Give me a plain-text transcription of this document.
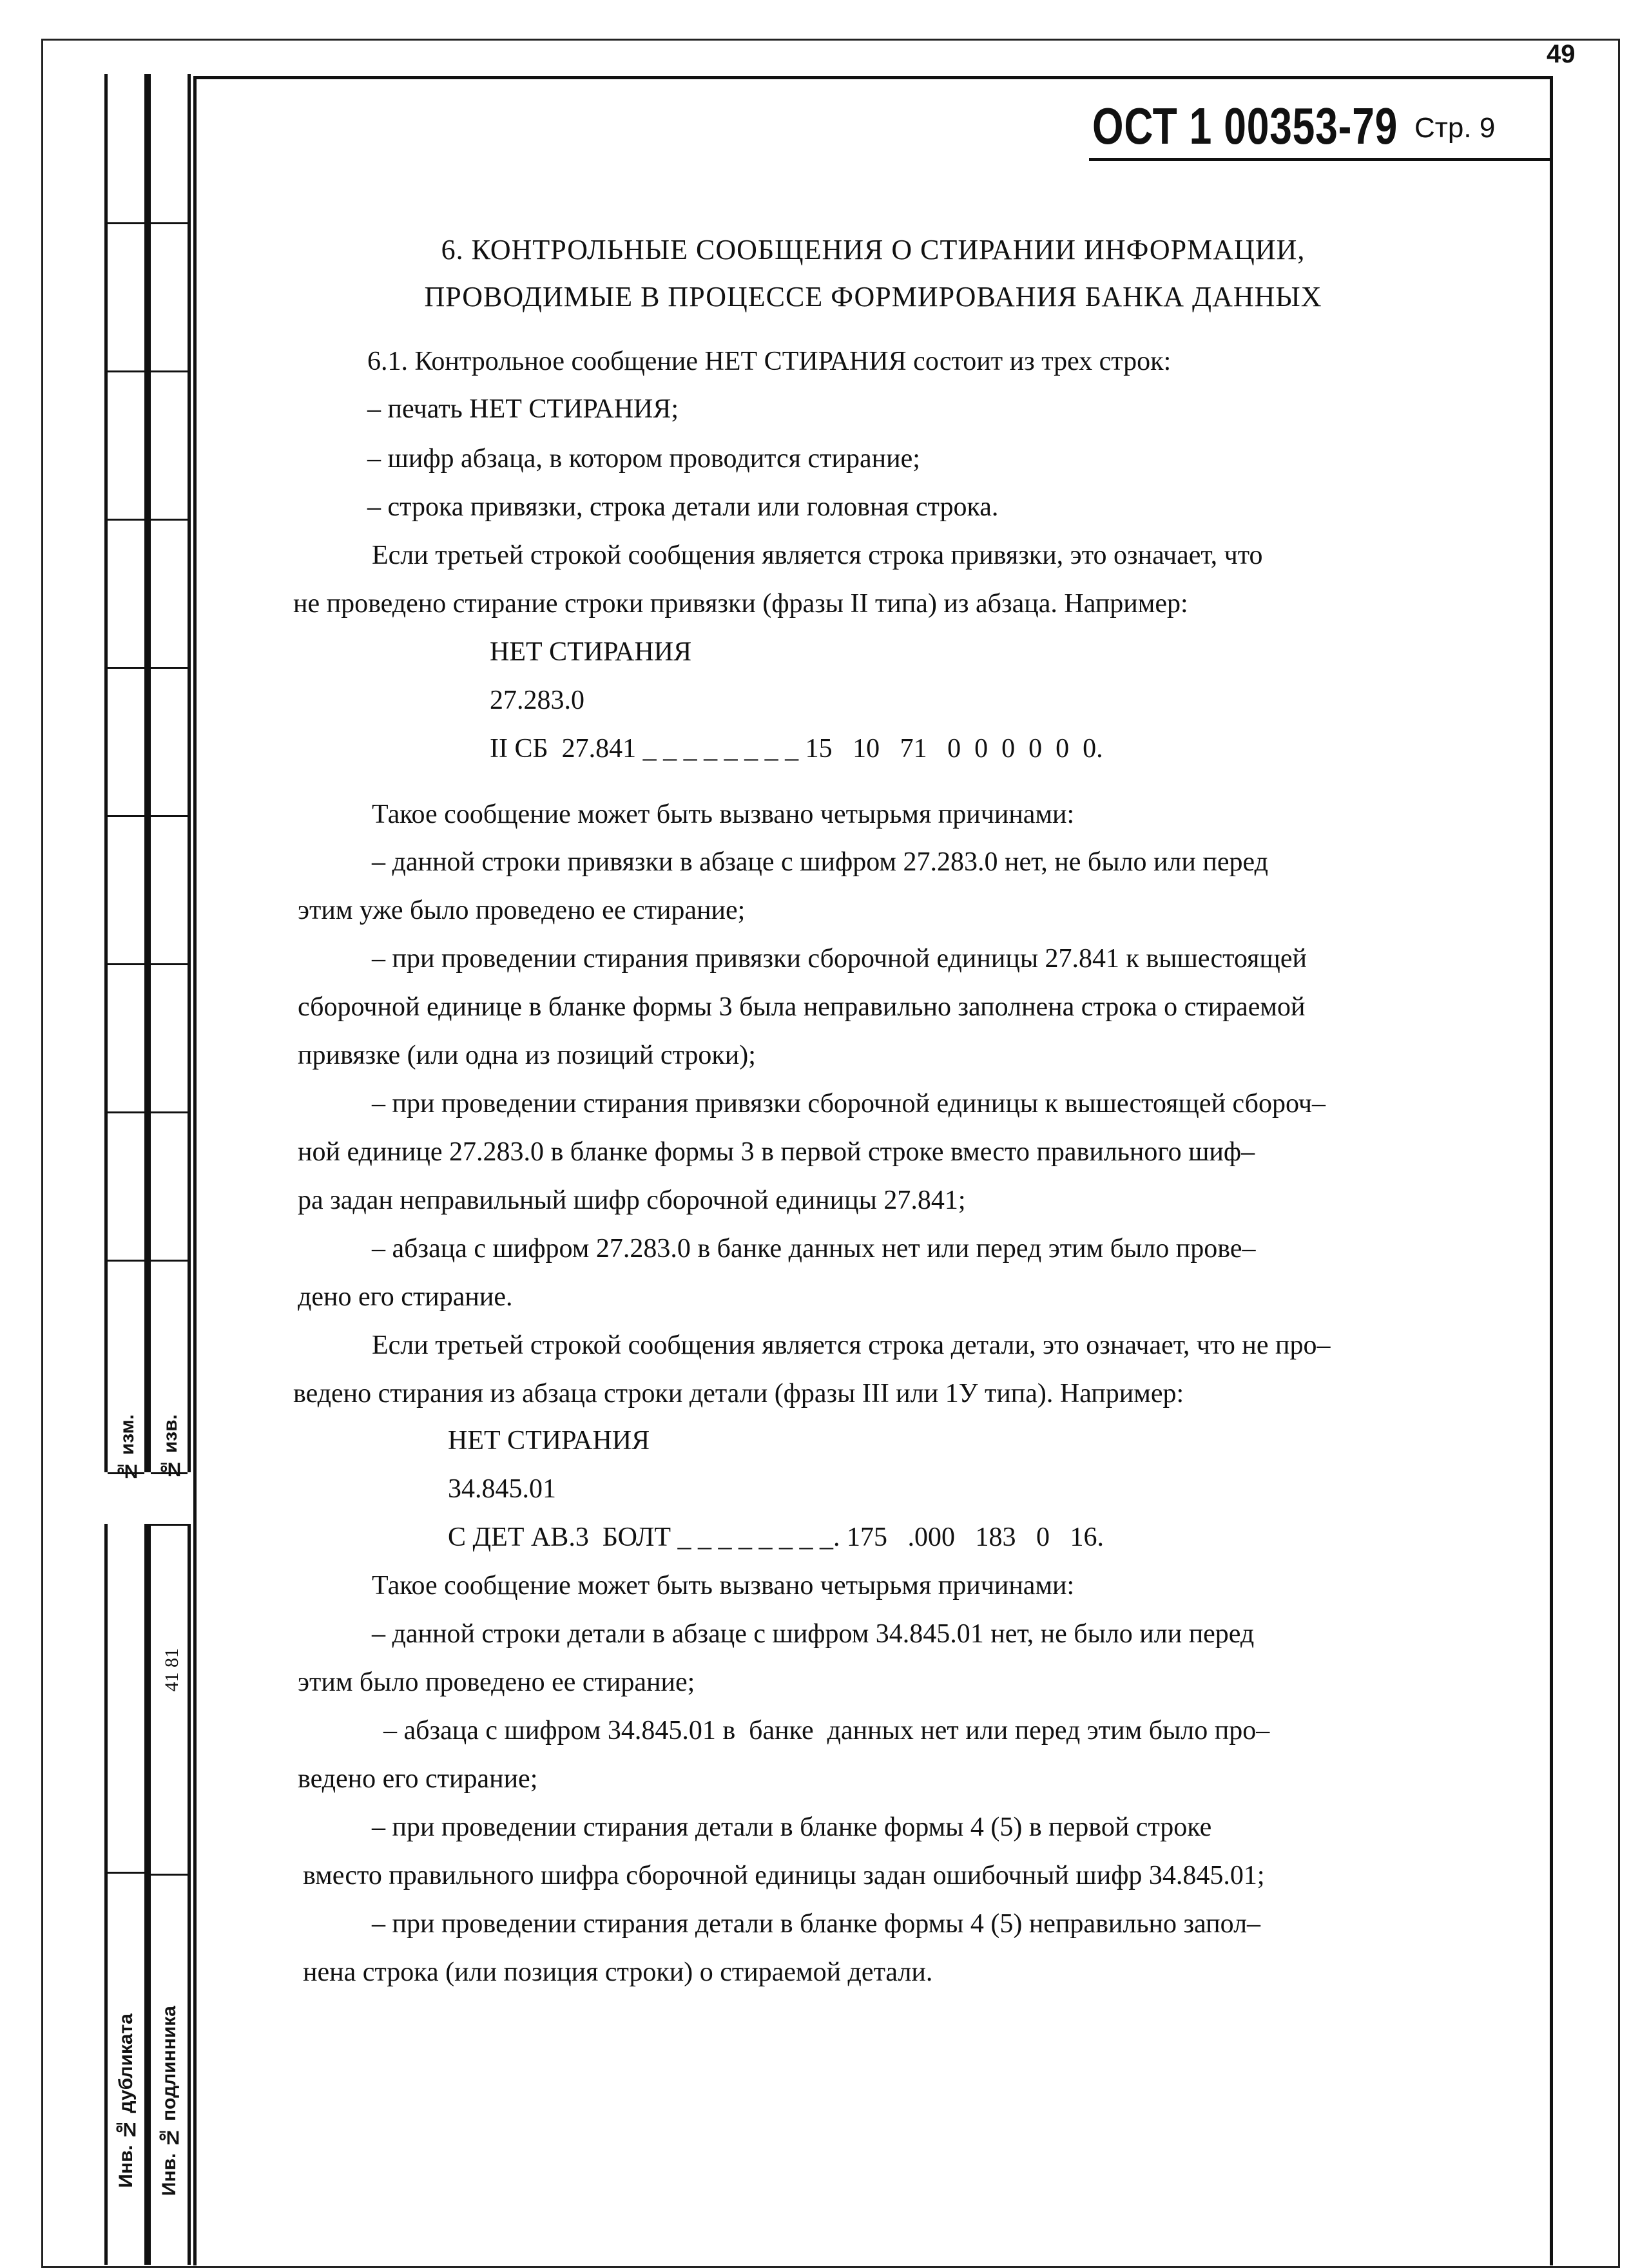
49
№ изм. № изв.
Инв. № дубликата
41 81
Инв. № подлинника
ОСТ 1 00353-79 Стр. 9
6. КОНТРОЛЬНЫЕ СООБЩЕНИЯ О СТИРАНИИ ИНФОРМАЦИИ,
ПРОВОДИМЫЕ В ПРОЦЕССЕ ФОРМИРОВАНИЯ БАНКА ДАННЫХ
6.1. Контрольное сообщение НЕТ СТИРАНИЯ состоит из трех строк:
– печать НЕТ СТИРАНИЯ;
– шифр абзаца, в котором проводится стирание;
– строка привязки, строка детали или головная строка.
Если третьей строкой сообщения является строка привязки, это означает, что
не проведено стирание строки привязки (фразы II типа) из абзаца. Например:
НЕТ СТИРАНИЯ
27.283.0
II СБ  27.841 _ _ _ _ _ _ _ _ 15   10   71   0  0  0  0  0  0.
Такое сообщение может быть вызвано четырьмя причинами:
– данной строки привязки в абзаце с шифром 27.283.0 нет, не было или перед
этим уже было проведено ее стирание;
– при проведении стирания привязки сборочной единицы 27.841 к вышестоящей
сборочной единице в бланке формы 3 была неправильно заполнена строка о стираемой
привязке (или одна из позиций строки);
– при проведении стирания привязки сборочной единицы к вышестоящей сбороч–
ной единице 27.283.0 в бланке формы 3 в первой строке вместо правильного шиф–
ра задан неправильный шифр сборочной единицы 27.841;
– абзаца с шифром 27.283.0 в банке данных нет или перед этим было прове–
дено его стирание.
Если третьей строкой сообщения является строка детали, это означает, что не про–
ведено стирания из абзаца строки детали (фразы III или 1У типа). Например:
НЕТ СТИРАНИЯ
34.845.01
С ДЕТ АВ.3  БОЛТ _ _ _ _ _ _ _ _. 175   .000   183   0   16.
Такое сообщение может быть вызвано четырьмя причинами:
– данной строки детали в абзаце с шифром 34.845.01 нет, не было или перед
этим было проведено ее стирание;
– абзаца с шифром 34.845.01 в  банке  данных нет или перед этим было про–
ведено его стирание;
– при проведении стирания детали в бланке формы 4 (5) в первой строке
вместо правильного шифра сборочной единицы задан ошибочный шифр 34.845.01;
– при проведении стирания детали в бланке формы 4 (5) неправильно запол–
нена строка (или позиция строки) о стираемой детали.
